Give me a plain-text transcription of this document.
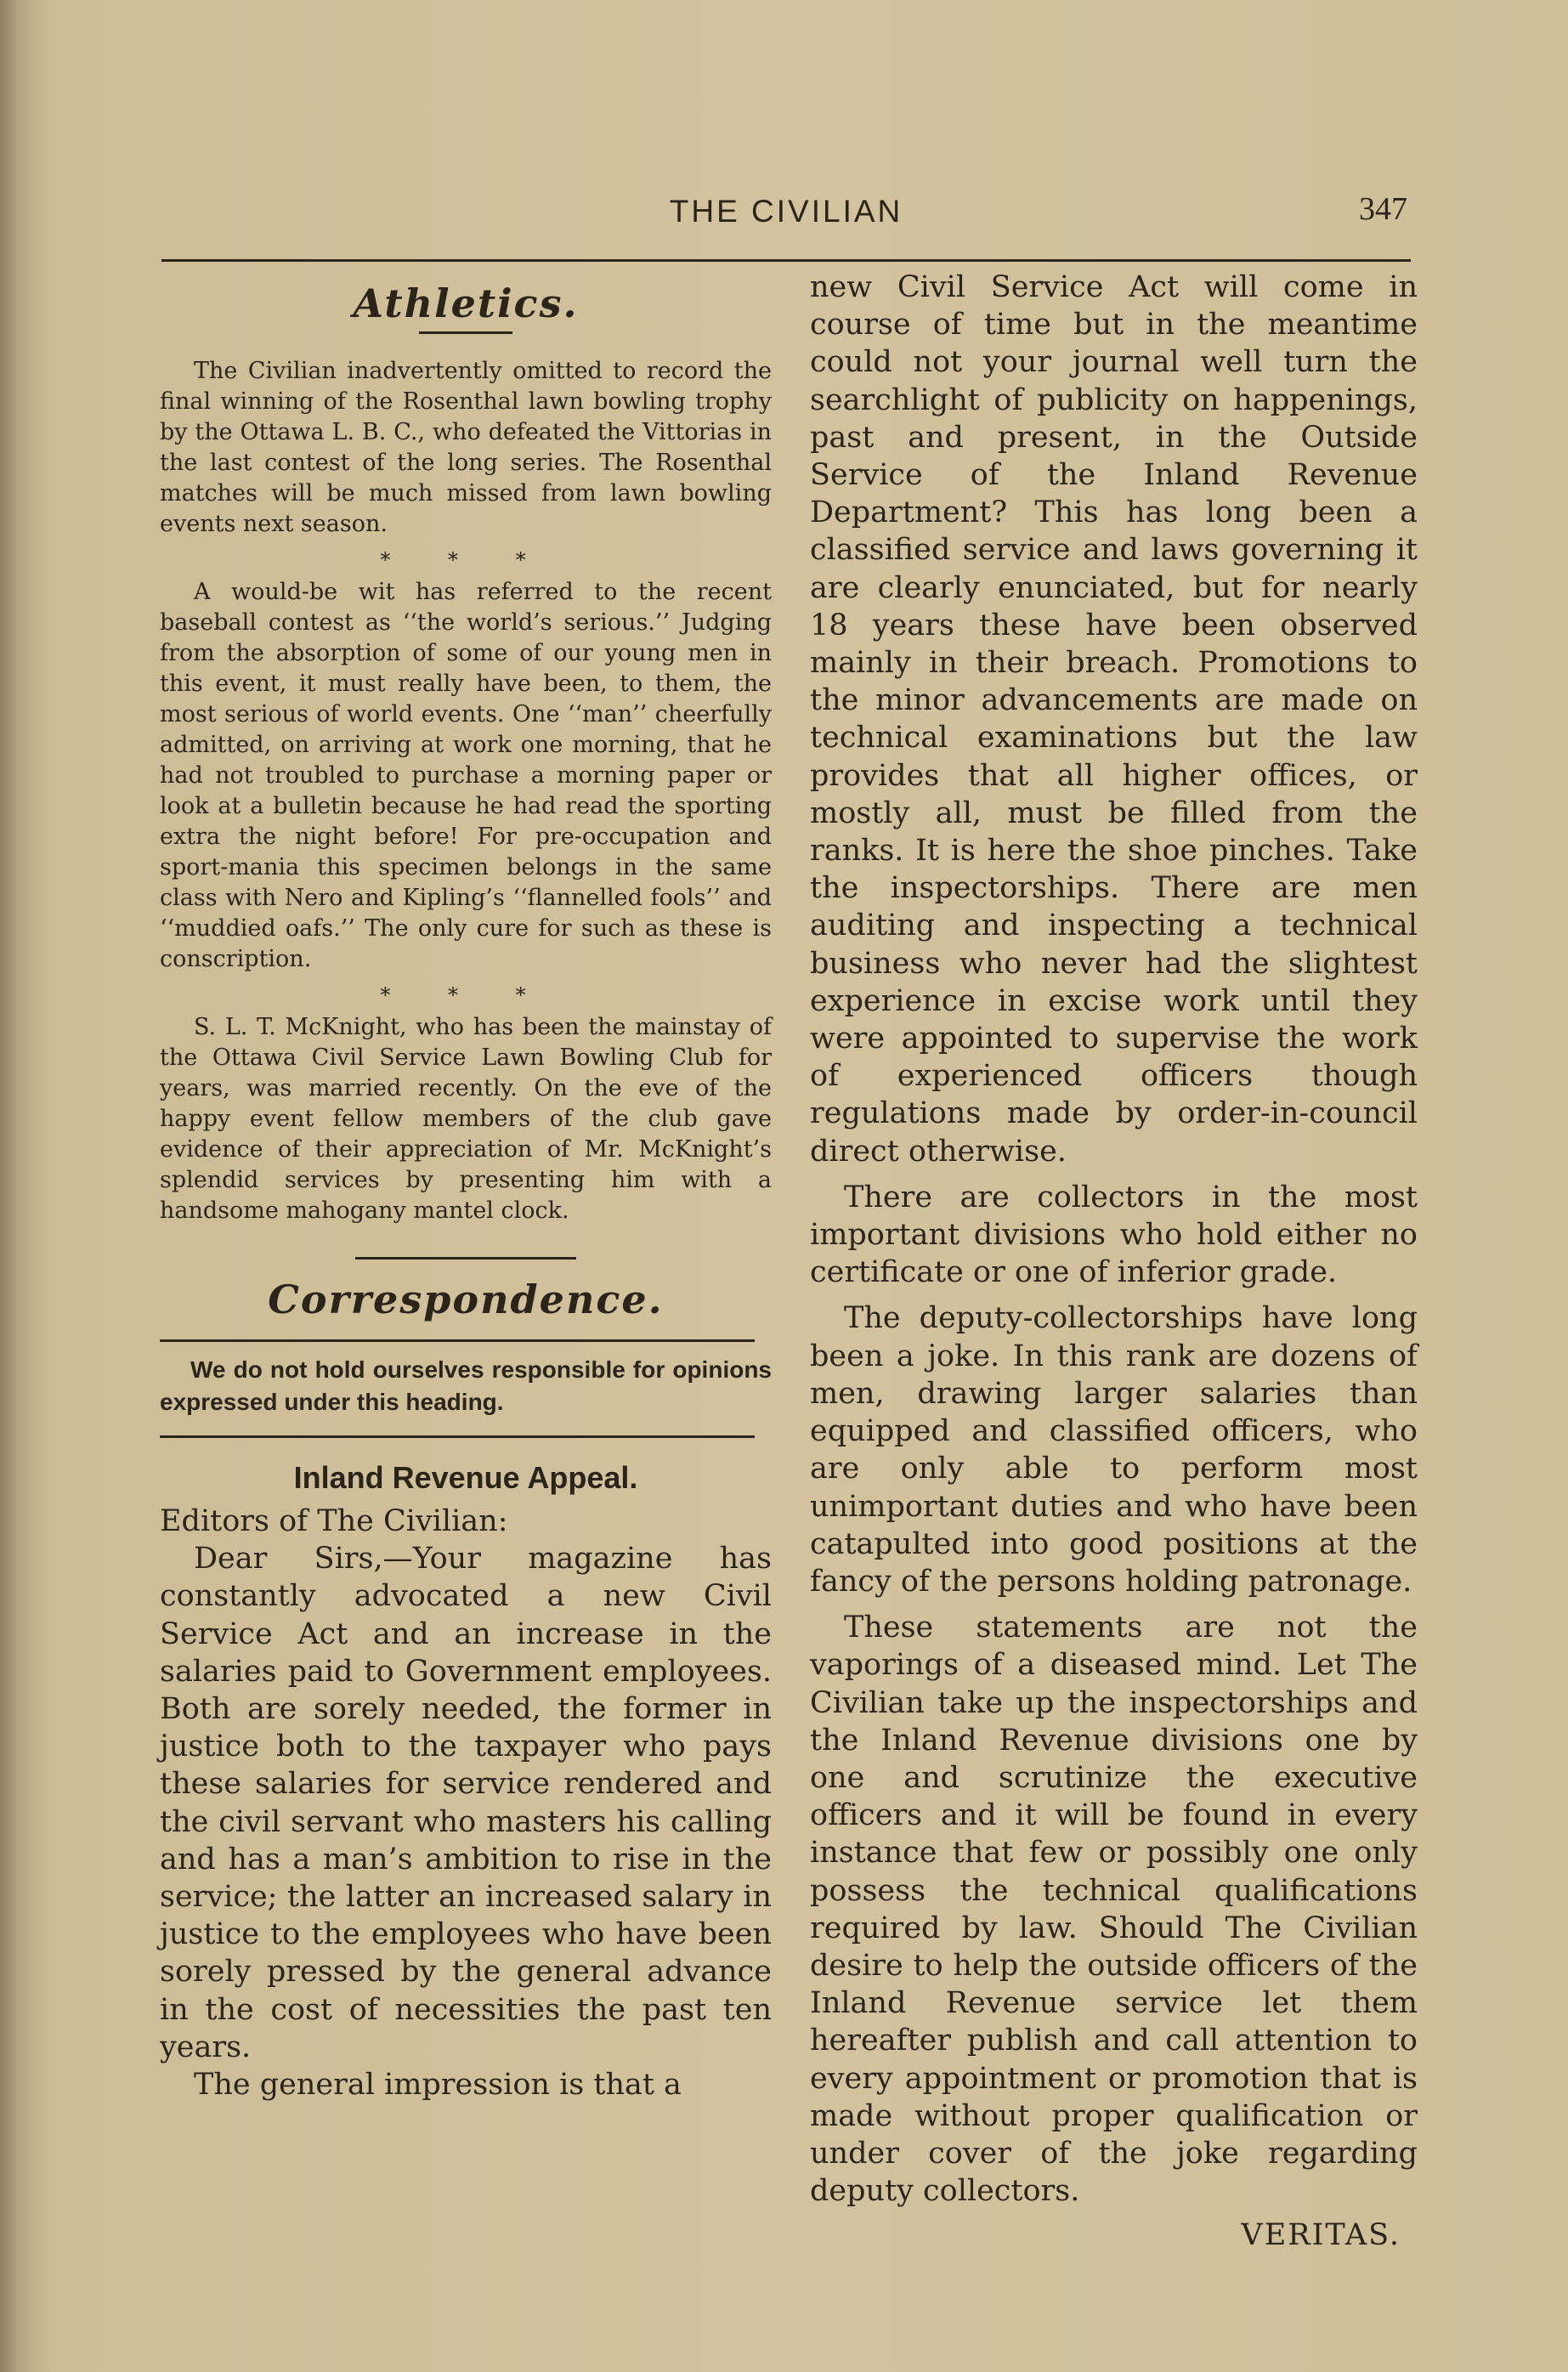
THE CIVILIAN	347
Athletics.

The Civilian inadvertently omitted to record the final winning of the Rosenthal lawn bowling trophy by the Ottawa L. B. C., who defeated the Vittorias in the last contest of the long series. The Rosenthal matches will be much missed from lawn bowling events next season.

* * *

A would-be wit has referred to the recent baseball contest as ‘‘the world’s serious.’’ Judging from the absorption of some of our young men in this event, it must really have been, to them, the most serious of world events. One ‘‘man’’ cheerfully admitted, on arriving at work one morning, that he had not troubled to purchase a morning paper or look at a bulletin because he had read the sporting extra the night before! For pre-occupation and sport-mania this specimen belongs in the same class with Nero and Kipling’s ‘‘flannelled fools’’ and ‘‘muddied oafs.’’ The only cure for such as these is conscription.

* * *

S. L. T. McKnight, who has been the mainstay of the Ottawa Civil Service Lawn Bowling Club for years, was married recently. On the eve of the happy event fellow members of the club gave evidence of their appreciation of Mr. McKnight’s splendid services by presenting him with a handsome mahogany mantel clock.

Correspondence.

We do not hold ourselves responsible for opinions expressed under this heading.

Inland Revenue Appeal.

Editors of The Civilian:

Dear Sirs,—Your magazine has constantly advocated a new Civil Service Act and an increase in the salaries paid to Government employees. Both are sorely needed, the former in justice both to the taxpayer who pays these salaries for service rendered and the civil servant who masters his calling and has a man’s ambition to rise in the service; the latter an increased salary in justice to the employees who have been sorely pressed by the general advance in the cost of necessities the past ten years.

The general impression is that a

new Civil Service Act will come in course of time but in the meantime could not your journal well turn the searchlight of publicity on happenings, past and present, in the Outside Service of the Inland Revenue Department? This has long been a classified service and laws governing it are clearly enunciated, but for nearly 18 years these have been observed mainly in their breach. Promotions to the minor advancements are made on technical examinations but the law provides that all higher offices, or mostly all, must be filled from the ranks. It is here the shoe pinches. Take the inspectorships. There are men auditing and inspecting a technical business who never had the slightest experience in excise work until they were appointed to supervise the work of experienced officers though regulations made by order-in-council direct otherwise.

There are collectors in the most important divisions who hold either no certificate or one of inferior grade.

The deputy-collectorships have long been a joke. In this rank are dozens of men, drawing larger salaries than equipped and classified officers, who are only able to perform most unimportant duties and who have been catapulted into good positions at the fancy of the persons holding patronage.

These statements are not the vaporings of a diseased mind. Let The Civilian take up the inspectorships and the Inland Revenue divisions one by one and scrutinize the executive officers and it will be found in every instance that few or possibly one only possess the technical qualifications required by law. Should The Civilian desire to help the outside officers of the Inland Revenue service let them hereafter publish and call attention to every appointment or promotion that is made without proper qualification or under cover of the joke regarding deputy collectors.

VERITAS.
